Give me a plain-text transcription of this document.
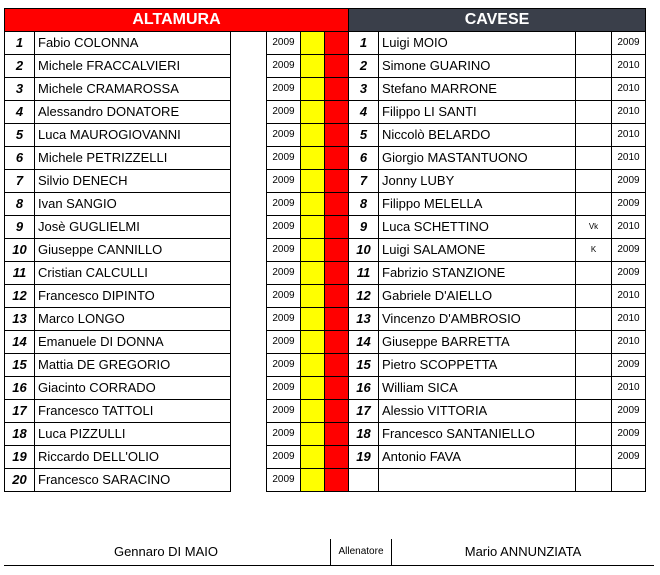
ALTAMURA						CAVESE			
1	Fabio COLONNA		2009			1	Luigi MOIO		2009
2	Michele FRACCALVIERI		2009			2	Simone GUARINO		2010
3	Michele CRAMAROSSA		2009			3	Stefano MARRONE		2010
4	Alessandro DONATORE		2009			4	Filippo LI SANTI		2010
5	Luca MAUROGIOVANNI		2009			5	Niccolò BELARDO		2010
6	Michele PETRIZZELLI		2009			6	Giorgio MASTANTUONO		2010
7	Silvio DENECH		2009			7	Jonny LUBY		2009
8	Ivan SANGIO		2009			8	Filippo MELELLA		2009
9	Josè GUGLIELMI		2009			9	Luca SCHETTINO	Vk	2010
10	Giuseppe CANNILLO		2009			10	Luigi SALAMONE	K	2009
11	Cristian CALCULLI		2009			11	Fabrizio STANZIONE		2009
12	Francesco DIPINTO		2009			12	Gabriele D'AIELLO		2010
13	Marco LONGO		2009			13	Vincenzo D'AMBROSIO		2010
14	Emanuele DI DONNA		2009			14	Giuseppe BARRETTA		2010
15	Mattia DE GREGORIO		2009			15	Pietro SCOPPETTA		2009
16	Giacinto CORRADO		2009			16	William SICA		2010
17	Francesco TATTOLI		2009			17	Alessio VITTORIA		2009
18	Luca PIZZULLI		2009			18	Francesco SANTANIELLO		2009
19	Riccardo DELL'OLIO		2009			19	Antonio FAVA		2009
20	Francesco SARACINO		2009						
Gennaro DI MAIO	Allenatore	Mario ANNUNZIATA
